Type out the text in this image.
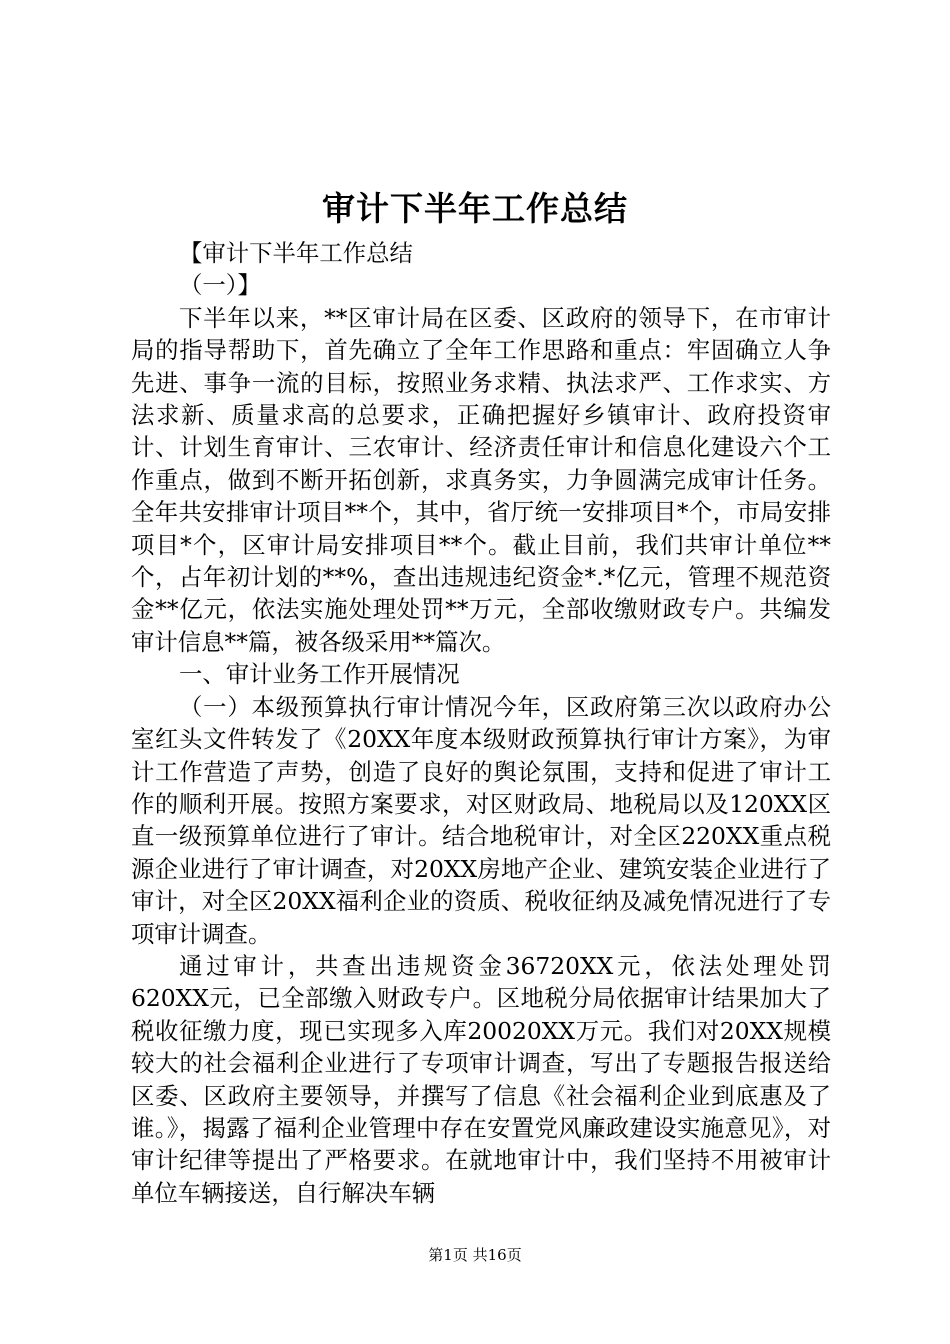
审计下半年工作总结

【审计下半年工作总结

（一）】

下半年以来，**区审计局在区委、区政府的领导下，在市审计局的指导帮助下，首先确立了全年工作思路和重点：牢固确立人争先进、事争一流的目标，按照业务求精、执法求严、工作求实、方法求新、质量求高的总要求，正确把握好乡镇审计、政府投资审计、计划生育审计、三农审计、经济责任审计和信息化建设六个工作重点，做到不断开拓创新，求真务实，力争圆满完成审计任务。全年共安排审计项目**个，其中，省厅统一安排项目*个，市局安排项目*个，区审计局安排项目**个。截止目前，我们共审计单位**个，占年初计划的**%，查出违规违纪资金*.*亿元，管理不规范资金**亿元，依法实施处理处罚**万元，全部收缴财政专户。共编发审计信息**篇，被各级采用**篇次。

一、审计业务工作开展情况

（一）本级预算执行审计情况今年，区政府第三次以政府办公室红头文件转发了《20XX年度本级财政预算执行审计方案》，为审计工作营造了声势，创造了良好的舆论氛围，支持和促进了审计工作的顺利开展。按照方案要求，对区财政局、地税局以及120XX区直一级预算单位进行了审计。结合地税审计，对全区220XX重点税源企业进行了审计调查，对20XX房地产企业、建筑安装企业进行了审计，对全区20XX福利企业的资质、税收征纳及减免情况进行了专项审计调查。

通过审计，共查出违规资金36720XX元，依法处理处罚620XX元，已全部缴入财政专户。区地税分局依据审计结果加大了税收征缴力度，现已实现多入库20020XX万元。我们对20XX规模较大的社会福利企业进行了专项审计调查，写出了专题报告报送给区委、区政府主要领导，并撰写了信息《社会福利企业到底惠及了谁。》，揭露了福利企业管理中存在安置党风廉政建设实施意见》，对审计纪律等提出了严格要求。在就地审计中，我们坚持不用被审计单位车辆接送，自行解决车辆

第1页 共16页
